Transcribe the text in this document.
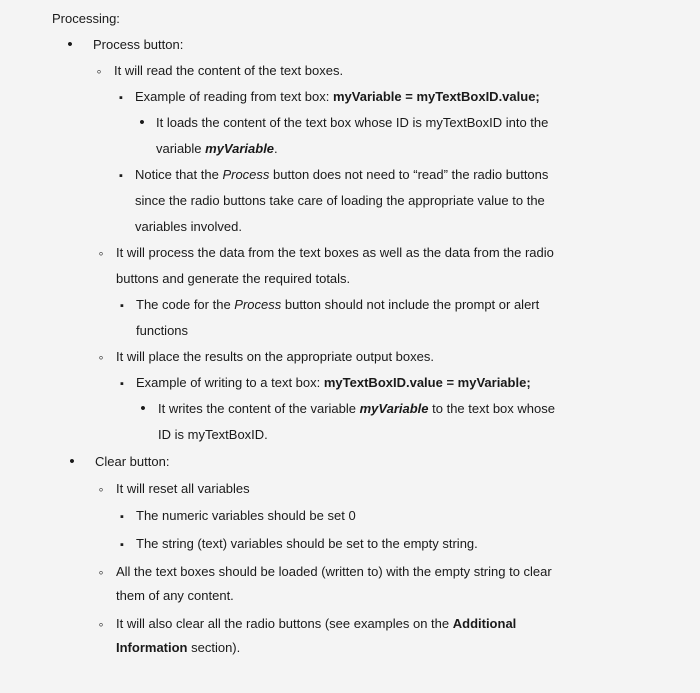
Processing:
•
Process button:
◦
It will read the content of the text boxes.
▪
Example of reading from text box: myVariable = myTextBoxID.value;
•
It loads the content of the text box whose ID is myTextBoxID into the
variable myVariable.
▪
Notice that the Process button does not need to “read” the radio buttons
since the radio buttons take care of loading the appropriate value to the
variables involved.
◦
It will process the data from the text boxes as well as the data from the radio
buttons and generate the required totals.
▪
The code for the Process button should not include the prompt or alert
functions
◦
It will place the results on the appropriate output boxes.
▪
Example of writing to a text box: myTextBoxID.value = myVariable;
•
It writes the content of the variable myVariable to the text box whose
ID is myTextBoxID.
•
Clear button:
◦
It will reset all variables
▪
The numeric variables should be set 0
▪
The string (text) variables should be set to the empty string.
◦
All the text boxes should be loaded (written to) with the empty string to clear
them of any content.
◦
It will also clear all the radio buttons (see examples on the Additional
Information section).
